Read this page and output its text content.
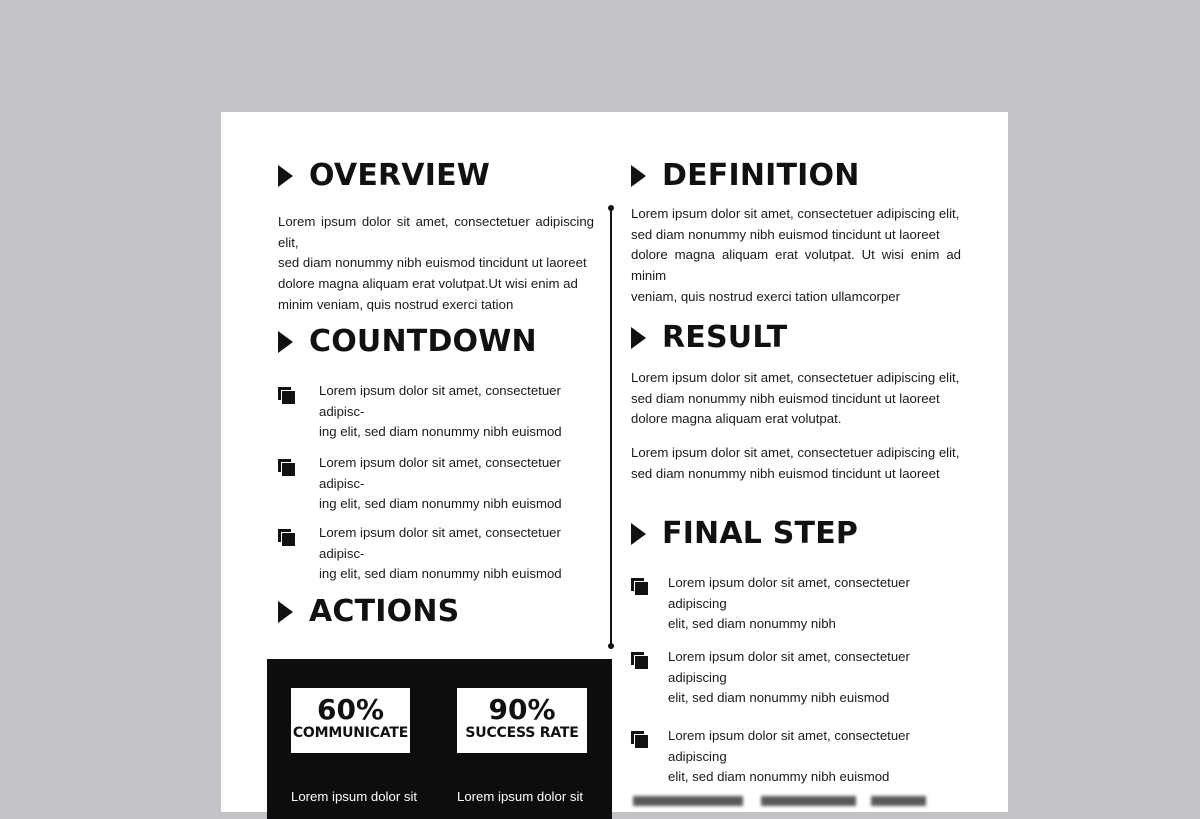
OVERVIEW
Lorem ipsum dolor sit amet, consectetuer adipiscing elit,
sed diam nonummy nibh euismod tincidunt ut laoreet
dolore magna aliquam erat volutpat.Ut wisi enim ad
minim veniam, quis nostrud exerci tation
COUNTDOWN
Lorem ipsum dolor sit amet, consectetuer adipisc-
ing elit, sed diam nonummy nibh euismod
Lorem ipsum dolor sit amet, consectetuer adipisc-
ing elit, sed diam nonummy nibh euismod
Lorem ipsum dolor sit amet, consectetuer adipisc-
ing elit, sed diam nonummy nibh euismod
ACTIONS
60%
COMMUNICATE
90%
SUCCESS RATE
Lorem ipsum dolor sit	Lorem ipsum dolor sit
DEFINITION
Lorem ipsum dolor sit amet, consectetuer adipiscing elit,
sed diam nonummy nibh euismod tincidunt ut laoreet
dolore magna aliquam erat volutpat. Ut wisi enim ad minim
veniam, quis nostrud exerci tation ullamcorper
RESULT
Lorem ipsum dolor sit amet, consectetuer adipiscing elit,
sed diam nonummy nibh euismod tincidunt ut laoreet
dolore magna aliquam erat volutpat.
Lorem ipsum dolor sit amet, consectetuer adipiscing elit,
sed diam nonummy nibh euismod tincidunt ut laoreet
FINAL STEP
Lorem ipsum dolor sit amet, consectetuer adipiscing
elit, sed diam nonummy nibh
Lorem ipsum dolor sit amet, consectetuer adipiscing
elit, sed diam nonummy nibh euismod
Lorem ipsum dolor sit amet, consectetuer adipiscing
elit, sed diam nonummy nibh euismod
